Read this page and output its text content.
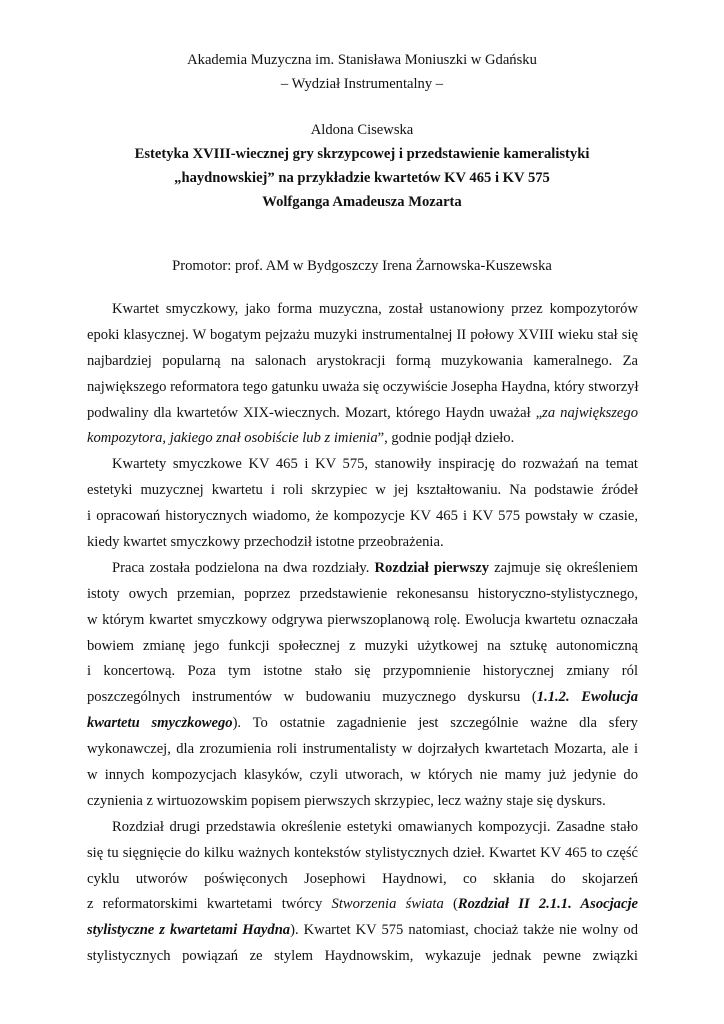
Akademia Muzyczna im. Stanisława Moniuszki w Gdańsku
– Wydział Instrumentalny –
Aldona Cisewska
Estetyka XVIII-wiecznej gry skrzypcowej i przedstawienie kameralistyki
„haydnowskiej” na przykładzie kwartetów KV 465 i KV 575
Wolfganga Amadeusza Mozarta
Promotor: prof. AM w Bydgoszczy Irena Żarnowska-Kuszewska
Kwartet smyczkowy, jako forma muzyczna, został ustanowiony przez kompozytorów
epoki klasycznej. W bogatym pejzażu muzyki instrumentalnej II połowy XVIII wieku stał się
najbardziej popularną na salonach arystokracji formą muzykowania kameralnego. Za
największego reformatora tego gatunku uważa się oczywiście Josepha Haydna, który stworzył
podwaliny dla kwartetów XIX-wiecznych. Mozart, którego Haydn uważał „za największego
kompozytora, jakiego znał osobiście lub z imienia”, godnie podjął dzieło.
Kwartety smyczkowe KV 465 i KV 575, stanowiły inspirację do rozważań na temat
estetyki muzycznej kwartetu i roli skrzypiec w jej kształtowaniu. Na podstawie źródeł
i opracowań historycznych wiadomo, że kompozycje KV 465 i KV 575 powstały w czasie,
kiedy kwartet smyczkowy przechodził istotne przeobrażenia.
Praca została podzielona na dwa rozdziały. Rozdział pierwszy zajmuje się określeniem
istoty owych przemian, poprzez przedstawienie rekonesansu historyczno-stylistycznego,
w którym kwartet smyczkowy odgrywa pierwszoplanową rolę. Ewolucja kwartetu oznaczała
bowiem zmianę jego funkcji społecznej z muzyki użytkowej na sztukę autonomiczną
i koncertową. Poza tym istotne stało się przypomnienie historycznej zmiany ról
poszczególnych instrumentów w budowaniu muzycznego dyskursu (1.1.2. Ewolucja
kwartetu smyczkowego). To ostatnie zagadnienie jest szczególnie ważne dla sfery
wykonawczej, dla zrozumienia roli instrumentalisty w dojrzałych kwartetach Mozarta, ale i
w innych kompozycjach klasyków, czyli utworach, w których nie mamy już jedynie do
czynienia z wirtuozowskim popisem pierwszych skrzypiec, lecz ważny staje się dyskurs.
Rozdział drugi przedstawia określenie estetyki omawianych kompozycji. Zasadne stało
się tu sięgnięcie do kilku ważnych kontekstów stylistycznych dzieł. Kwartet KV 465 to część
cyklu utworów poświęconych Josephowi Haydnowi, co skłania do skojarzeń
z reformatorskimi kwartetami twórcy Stworzenia świata (Rozdział II 2.1.1. Asocjacje
stylistyczne z kwartetami Haydna). Kwartet KV 575 natomiast, chociaż także nie wolny od
stylistycznych powiązań ze stylem Haydnowskim, wykazuje jednak pewne związki
